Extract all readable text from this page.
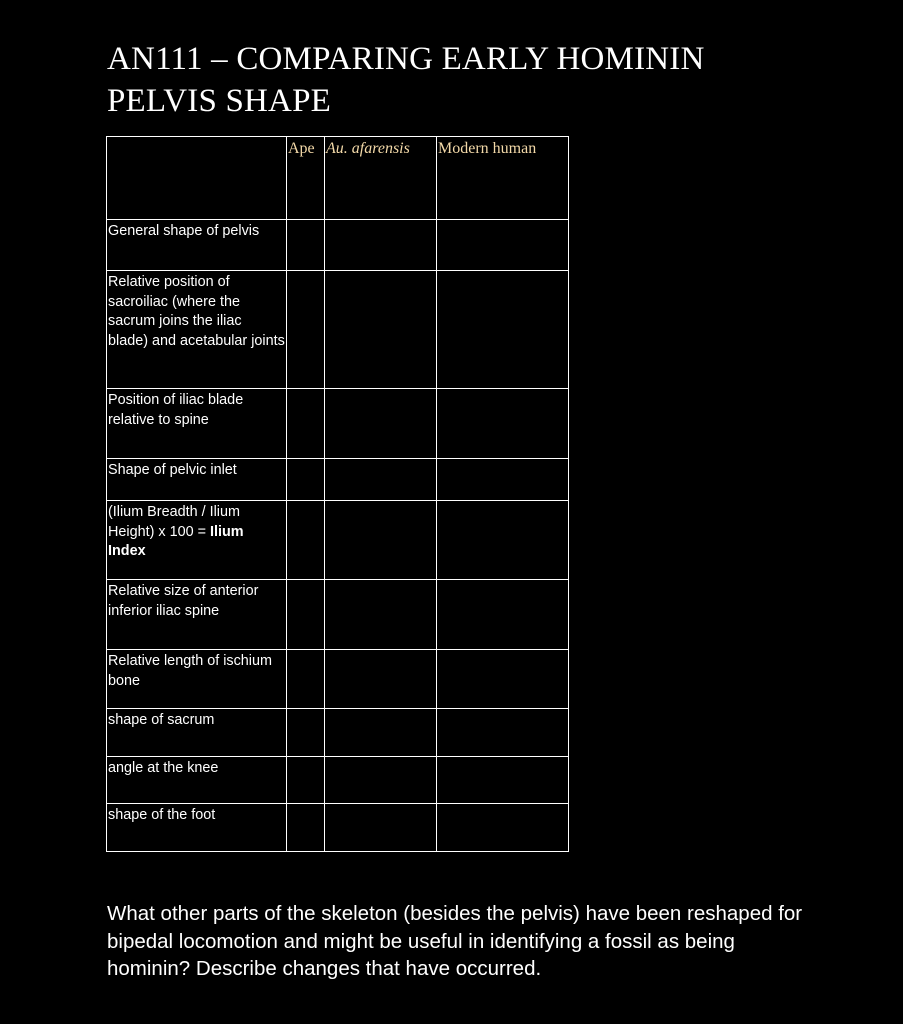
AN111 – COMPARING EARLY HOMININ
PELVIS SHAPE
	Ape	Au. afarensis	Modern human
General shape of pelvis			
Relative position of sacroiliac (where the sacrum joins the iliac blade) and acetabular joints			
Position of iliac blade relative to spine			
Shape of pelvic inlet			
(Ilium Breadth / Ilium Height) x 100 = Ilium Index			
Relative size of anterior inferior iliac spine			
Relative length of ischium bone			
shape of sacrum			
angle at the knee			
shape of the foot			

What other parts of the skeleton (besides the pelvis) have been reshaped for bipedal locomotion and might be useful in identifying a fossil as being hominin? Describe changes that have occurred.
